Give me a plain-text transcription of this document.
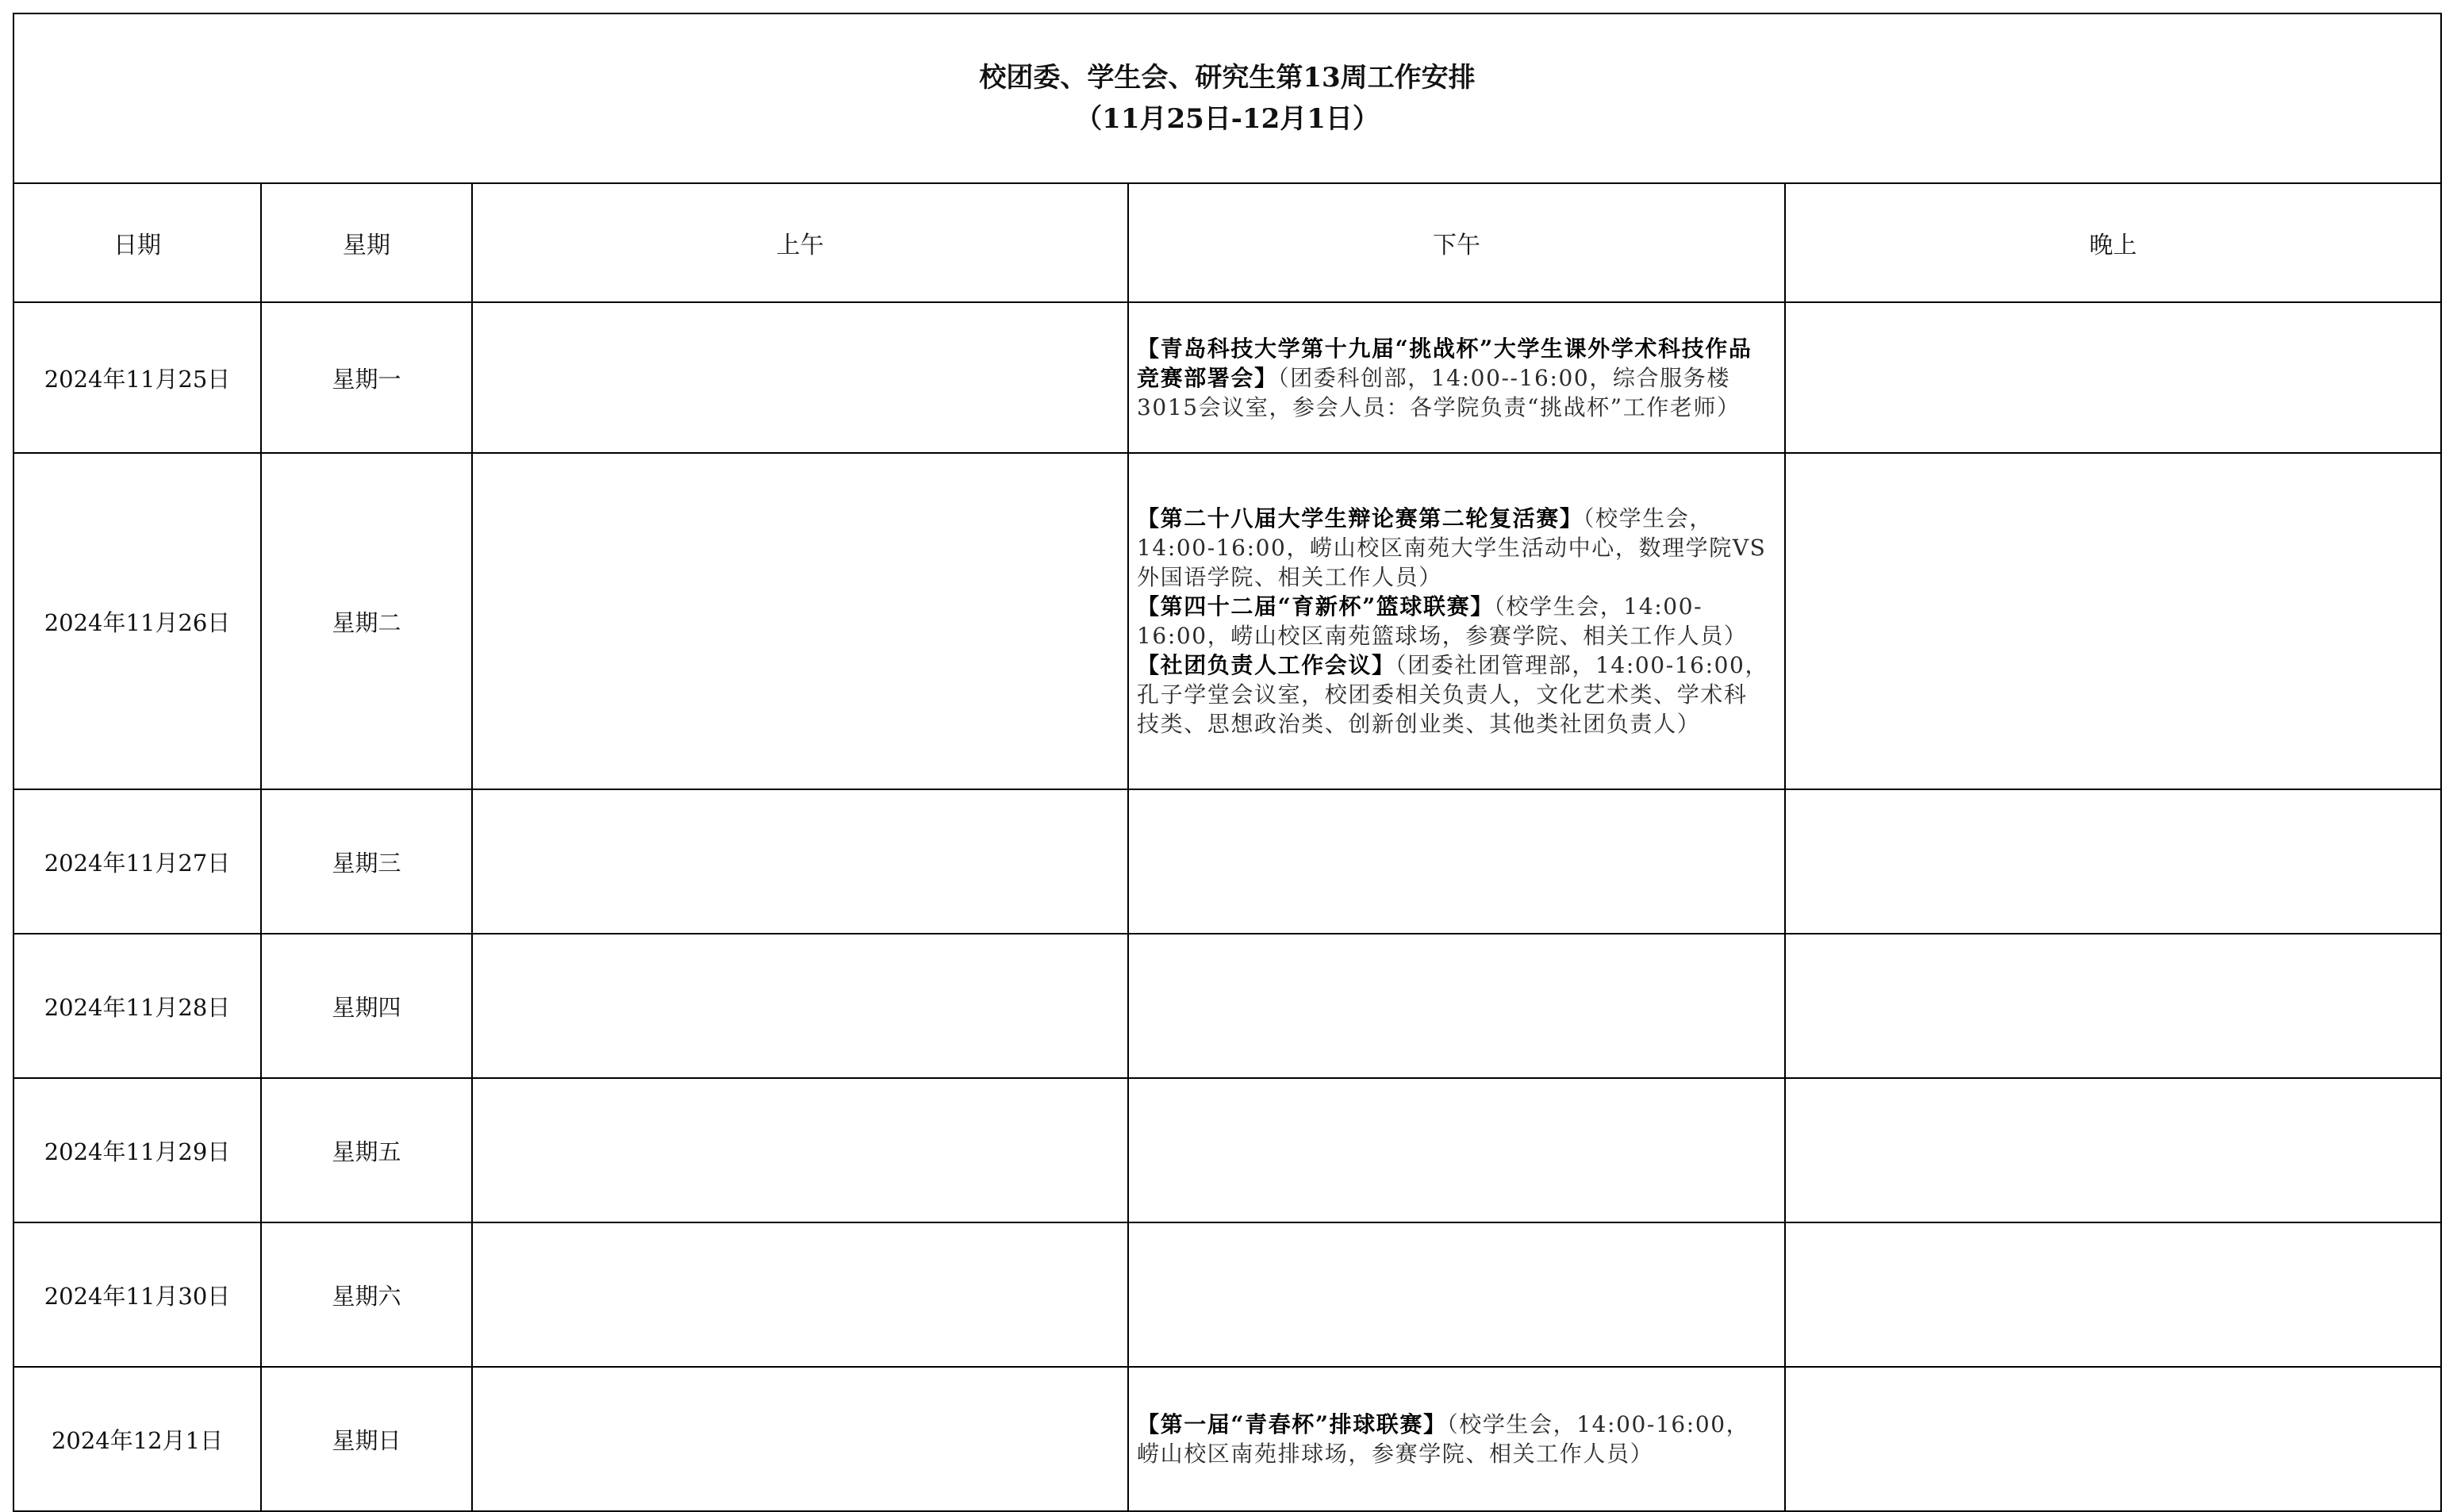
校团委、学生会、研究生第13周工作安排
（11月25日-12月1日）				

日期	星期	上午	下午	晚上
2024年11月25日	星期一		【青岛科技大学第十九届“挑战杯”大学生课外学术科技作品竞赛部署会】（团委科创部，14:00--16:00，综合服务楼3015会议室，参会人员：各学院负责“挑战杯”工作老师）	

2024年11月26日	星期二		【第二十八届大学生辩论赛第二轮复活赛】（校学生会，14:00-16:00，崂山校区南苑大学生活动中心，数理学院VS外国语学院、相关工作人员）
【第四十二届“育新杯”篮球联赛】（校学生会，14:00-16:00，崂山校区南苑篮球场，参赛学院、相关工作人员）
【社团负责人工作会议】（团委社团管理部，14:00-16:00，孔子学堂会议室，校团委相关负责人，文化艺术类、学术科技类、思想政治类、创新创业类、其他类社团负责人）	

2024年11月27日	星期三			
2024年11月28日	星期四			
2024年11月29日	星期五			
2024年11月30日	星期六			
2024年12月1日	星期日		【第一届“青春杯”排球联赛】（校学生会，14:00-16:00，崂山校区南苑排球场，参赛学院、相关工作人员）	
